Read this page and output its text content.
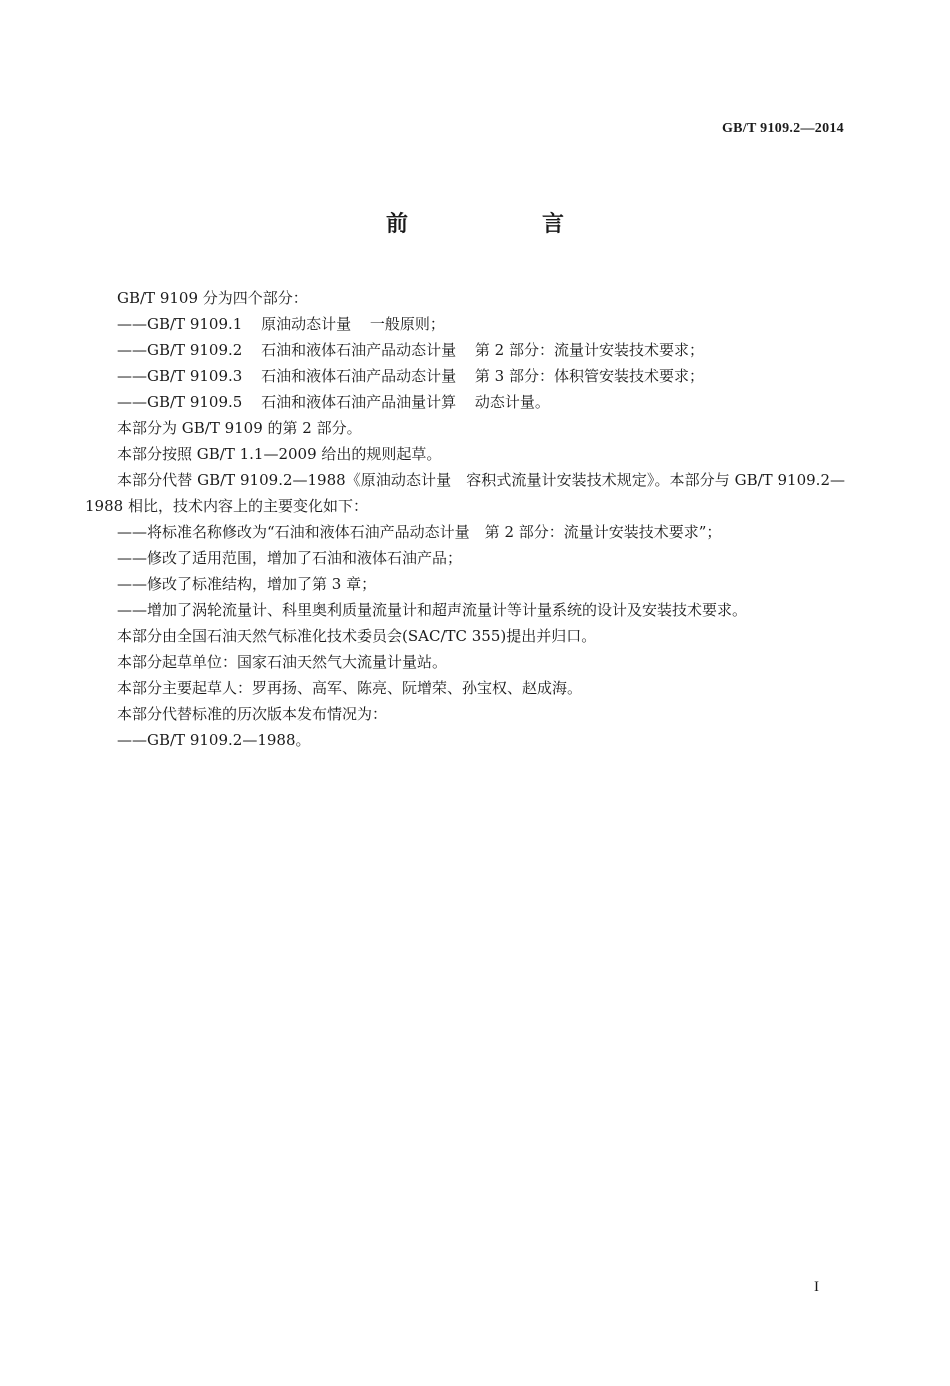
GB/T 9109.2—2014
前　言

GB/T 9109 分为四个部分：

——GB/T 9109.1 原油动态计量 一般原则；

——GB/T 9109.2 石油和液体石油产品动态计量 第 2 部分：流量计安装技术要求；

——GB/T 9109.3 石油和液体石油产品动态计量 第 3 部分：体积管安装技术要求；

——GB/T 9109.5 石油和液体石油产品油量计算 动态计量。

本部分为 GB/T 9109 的第 2 部分。

本部分按照 GB/T 1.1—2009 给出的规则起草。

本部分代替 GB/T 9109.2—1988《原油动态计量　容积式流量计安装技术规定》。本部分与 GB/T 9109.2—1988 相比，技术内容上的主要变化如下：

——将标准名称修改为“石油和液体石油产品动态计量　第 2 部分：流量计安装技术要求”；

——修改了适用范围，增加了石油和液体石油产品；

——修改了标准结构，增加了第 3 章；

——增加了涡轮流量计、科里奥利质量流量计和超声流量计等计量系统的设计及安装技术要求。

本部分由全国石油天然气标准化技术委员会(SAC/TC 355)提出并归口。

本部分起草单位：国家石油天然气大流量计量站。

本部分主要起草人：罗再扬、高军、陈亮、阮增荣、孙宝权、赵成海。

本部分代替标准的历次版本发布情况为：

——GB/T 9109.2—1988。

I
